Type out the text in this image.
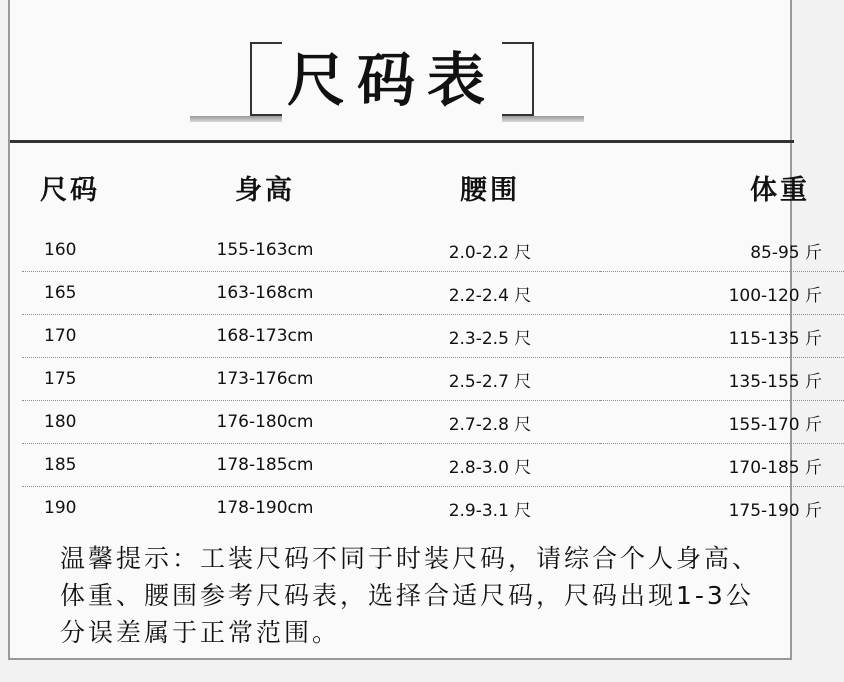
尺码表
尺码	身高	腰围	体重
160	155-163cm	2.0-2.2 尺	85-95 斤
165	163-168cm	2.2-2.4 尺	100-120 斤
170	168-173cm	2.3-2.5 尺	115-135 斤
175	173-176cm	2.5-2.7 尺	135-155 斤
180	176-180cm	2.7-2.8 尺	155-170 斤
185	178-185cm	2.8-3.0 尺	170-185 斤
190	178-190cm	2.9-3.1 尺	175-190 斤
温馨提示：工装尺码不同于时装尺码，请综合个人身高、体重、腰围参考尺码表，选择合适尺码，尺码出现1-3公分误差属于正常范围。
